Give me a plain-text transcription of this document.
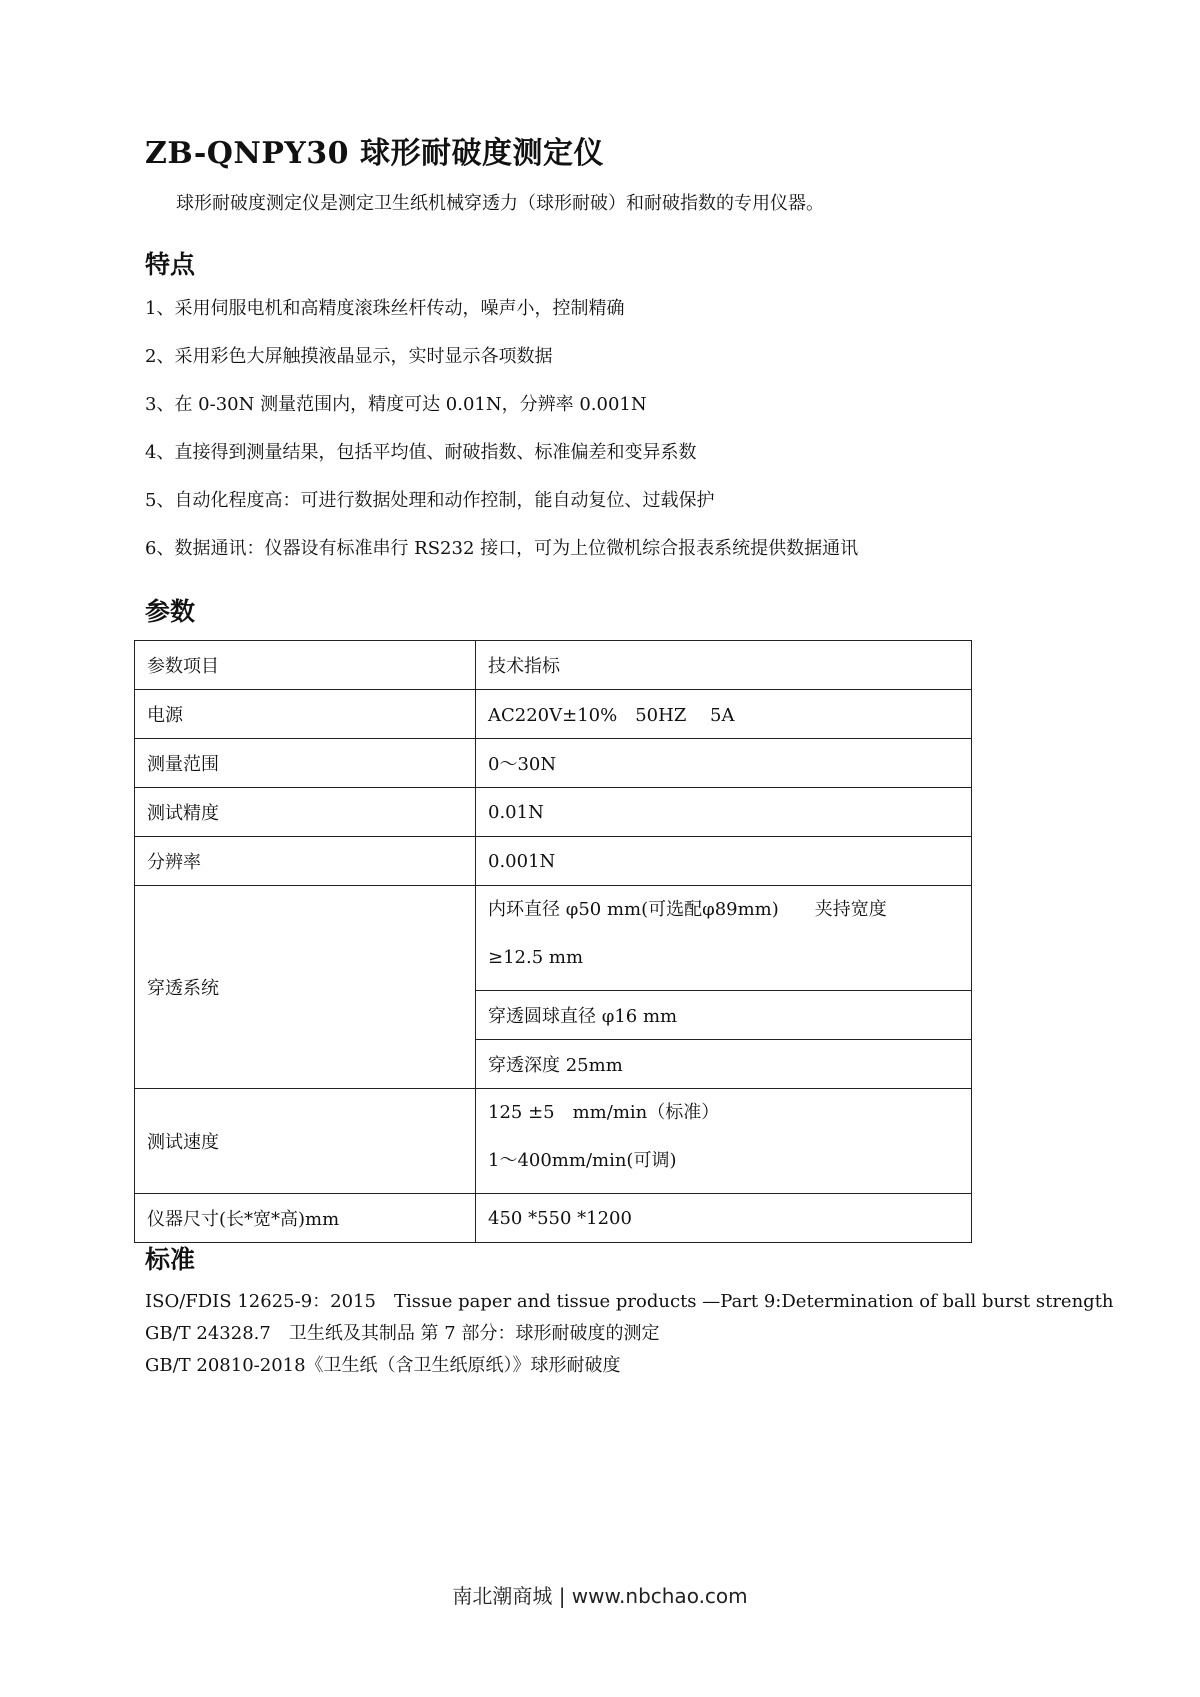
ZB-QNPY30 球形耐破度测定仪

球形耐破度测定仪是测定卫生纸机械穿透力（球形耐破）和耐破指数的专用仪器。

特点
1、采用伺服电机和高精度滚珠丝杆传动，噪声小，控制精确
2、采用彩色大屏触摸液晶显示，实时显示各项数据
3、在 0-30N 测量范围内，精度可达 0.01N，分辨率 0.001N
4、直接得到测量结果，包括平均值、耐破指数、标准偏差和变异系数
5、自动化程度高：可进行数据处理和动作控制，能自动复位、过载保护
6、数据通讯：仪器设有标准串行 RS232 接口，可为上位微机综合报表系统提供数据通讯
参数
参数项目	技术指标
电源	AC220V±10%　50HZ　 5A
测量范围	0～30N
测试精度	0.01N
分辨率	0.001N
穿透系统	内环直径 φ50 mm(可选配φ89mm)　　夹持宽度
≥12.5 mm

	穿透圆球直径 φ16 mm
	穿透深度 25mm
测试速度	125 ±5　mm/min（标准）
1～400mm/min(可调)

仪器尺寸(长*宽*高)mm	450 *550 *1200
标准
ISO/FDIS 12625-9：2015　Tissue paper and tissue products —Part 9:Determination of ball burst strength
GB/T 24328.7　卫生纸及其制品 第 7 部分：球形耐破度的测定
GB/T 20810-2018《卫生纸（含卫生纸原纸）》球形耐破度
南北潮商城 | www.nbchao.com
